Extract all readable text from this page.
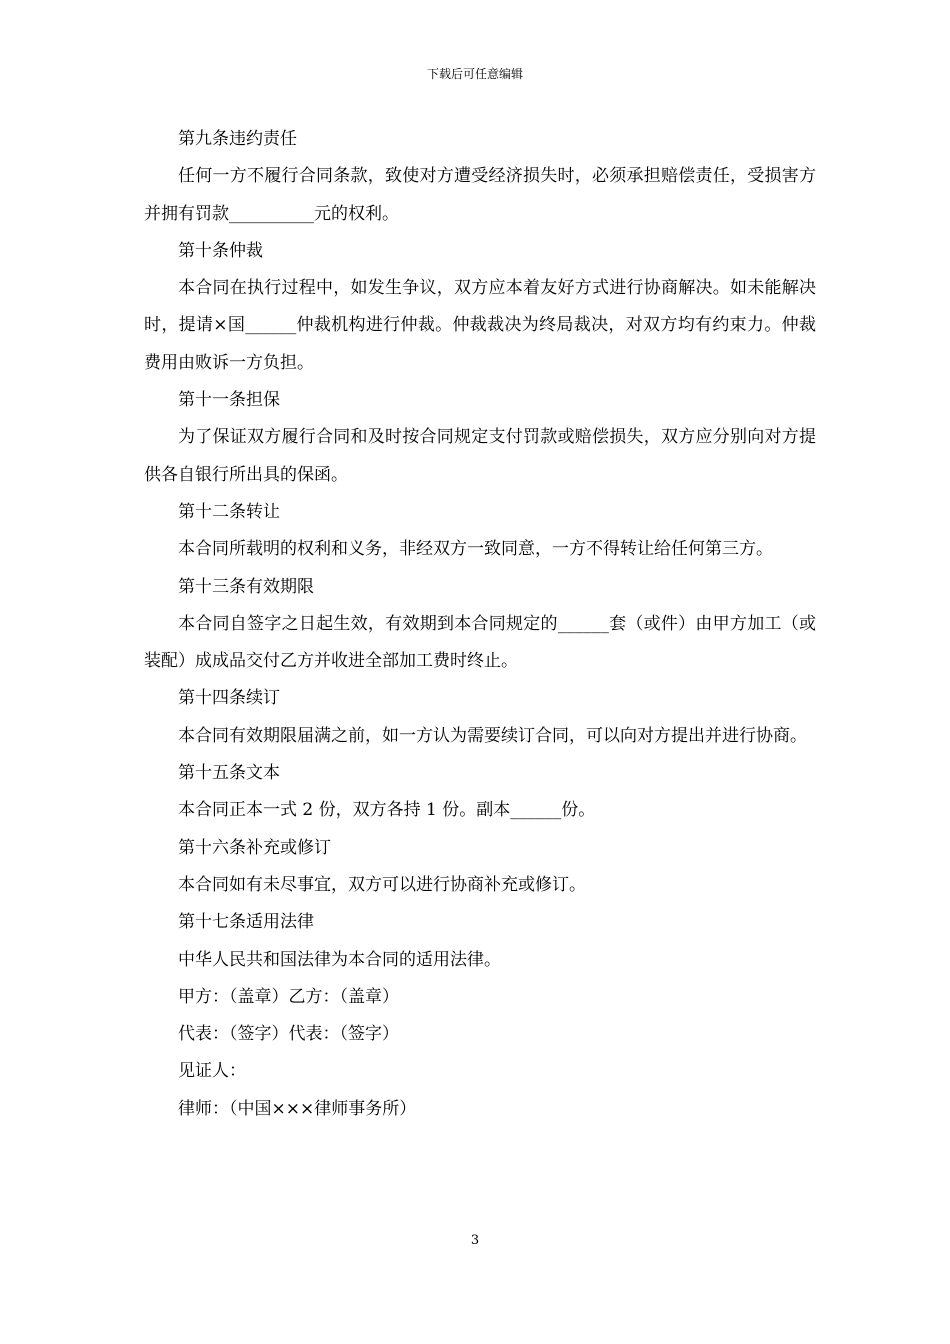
下载后可任意编辑

第九条违约责任

任何一方不履行合同条款，致使对方遭受经济损失时，必须承担赔偿责任，受损害方并拥有罚款__________元的权利。

第十条仲裁

本合同在执行过程中，如发生争议，双方应本着友好方式进行协商解决。如未能解决时，提请×国______仲裁机构进行仲裁。仲裁裁决为终局裁决，对双方均有约束力。仲裁费用由败诉一方负担。

第十一条担保

为了保证双方履行合同和及时按合同规定支付罚款或赔偿损失，双方应分别向对方提供各自银行所出具的保函。

第十二条转让

本合同所载明的权利和义务，非经双方一致同意，一方不得转让给任何第三方。

第十三条有效期限

本合同自签字之日起生效，有效期到本合同规定的______套（或件）由甲方加工（或装配）成成品交付乙方并收进全部加工费时终止。

第十四条续订

本合同有效期限届满之前，如一方认为需要续订合同，可以向对方提出并进行协商。

第十五条文本

本合同正本一式 2 份，双方各持 1 份。副本______份。

第十六条补充或修订

本合同如有未尽事宜，双方可以进行协商补充或修订。

第十七条适用法律

中华人民共和国法律为本合同的适用法律。

甲方：（盖章）乙方：（盖章）

代表：（签字）代表：（签字）

见证人：

律师：（中国×××律师事务所）

3
